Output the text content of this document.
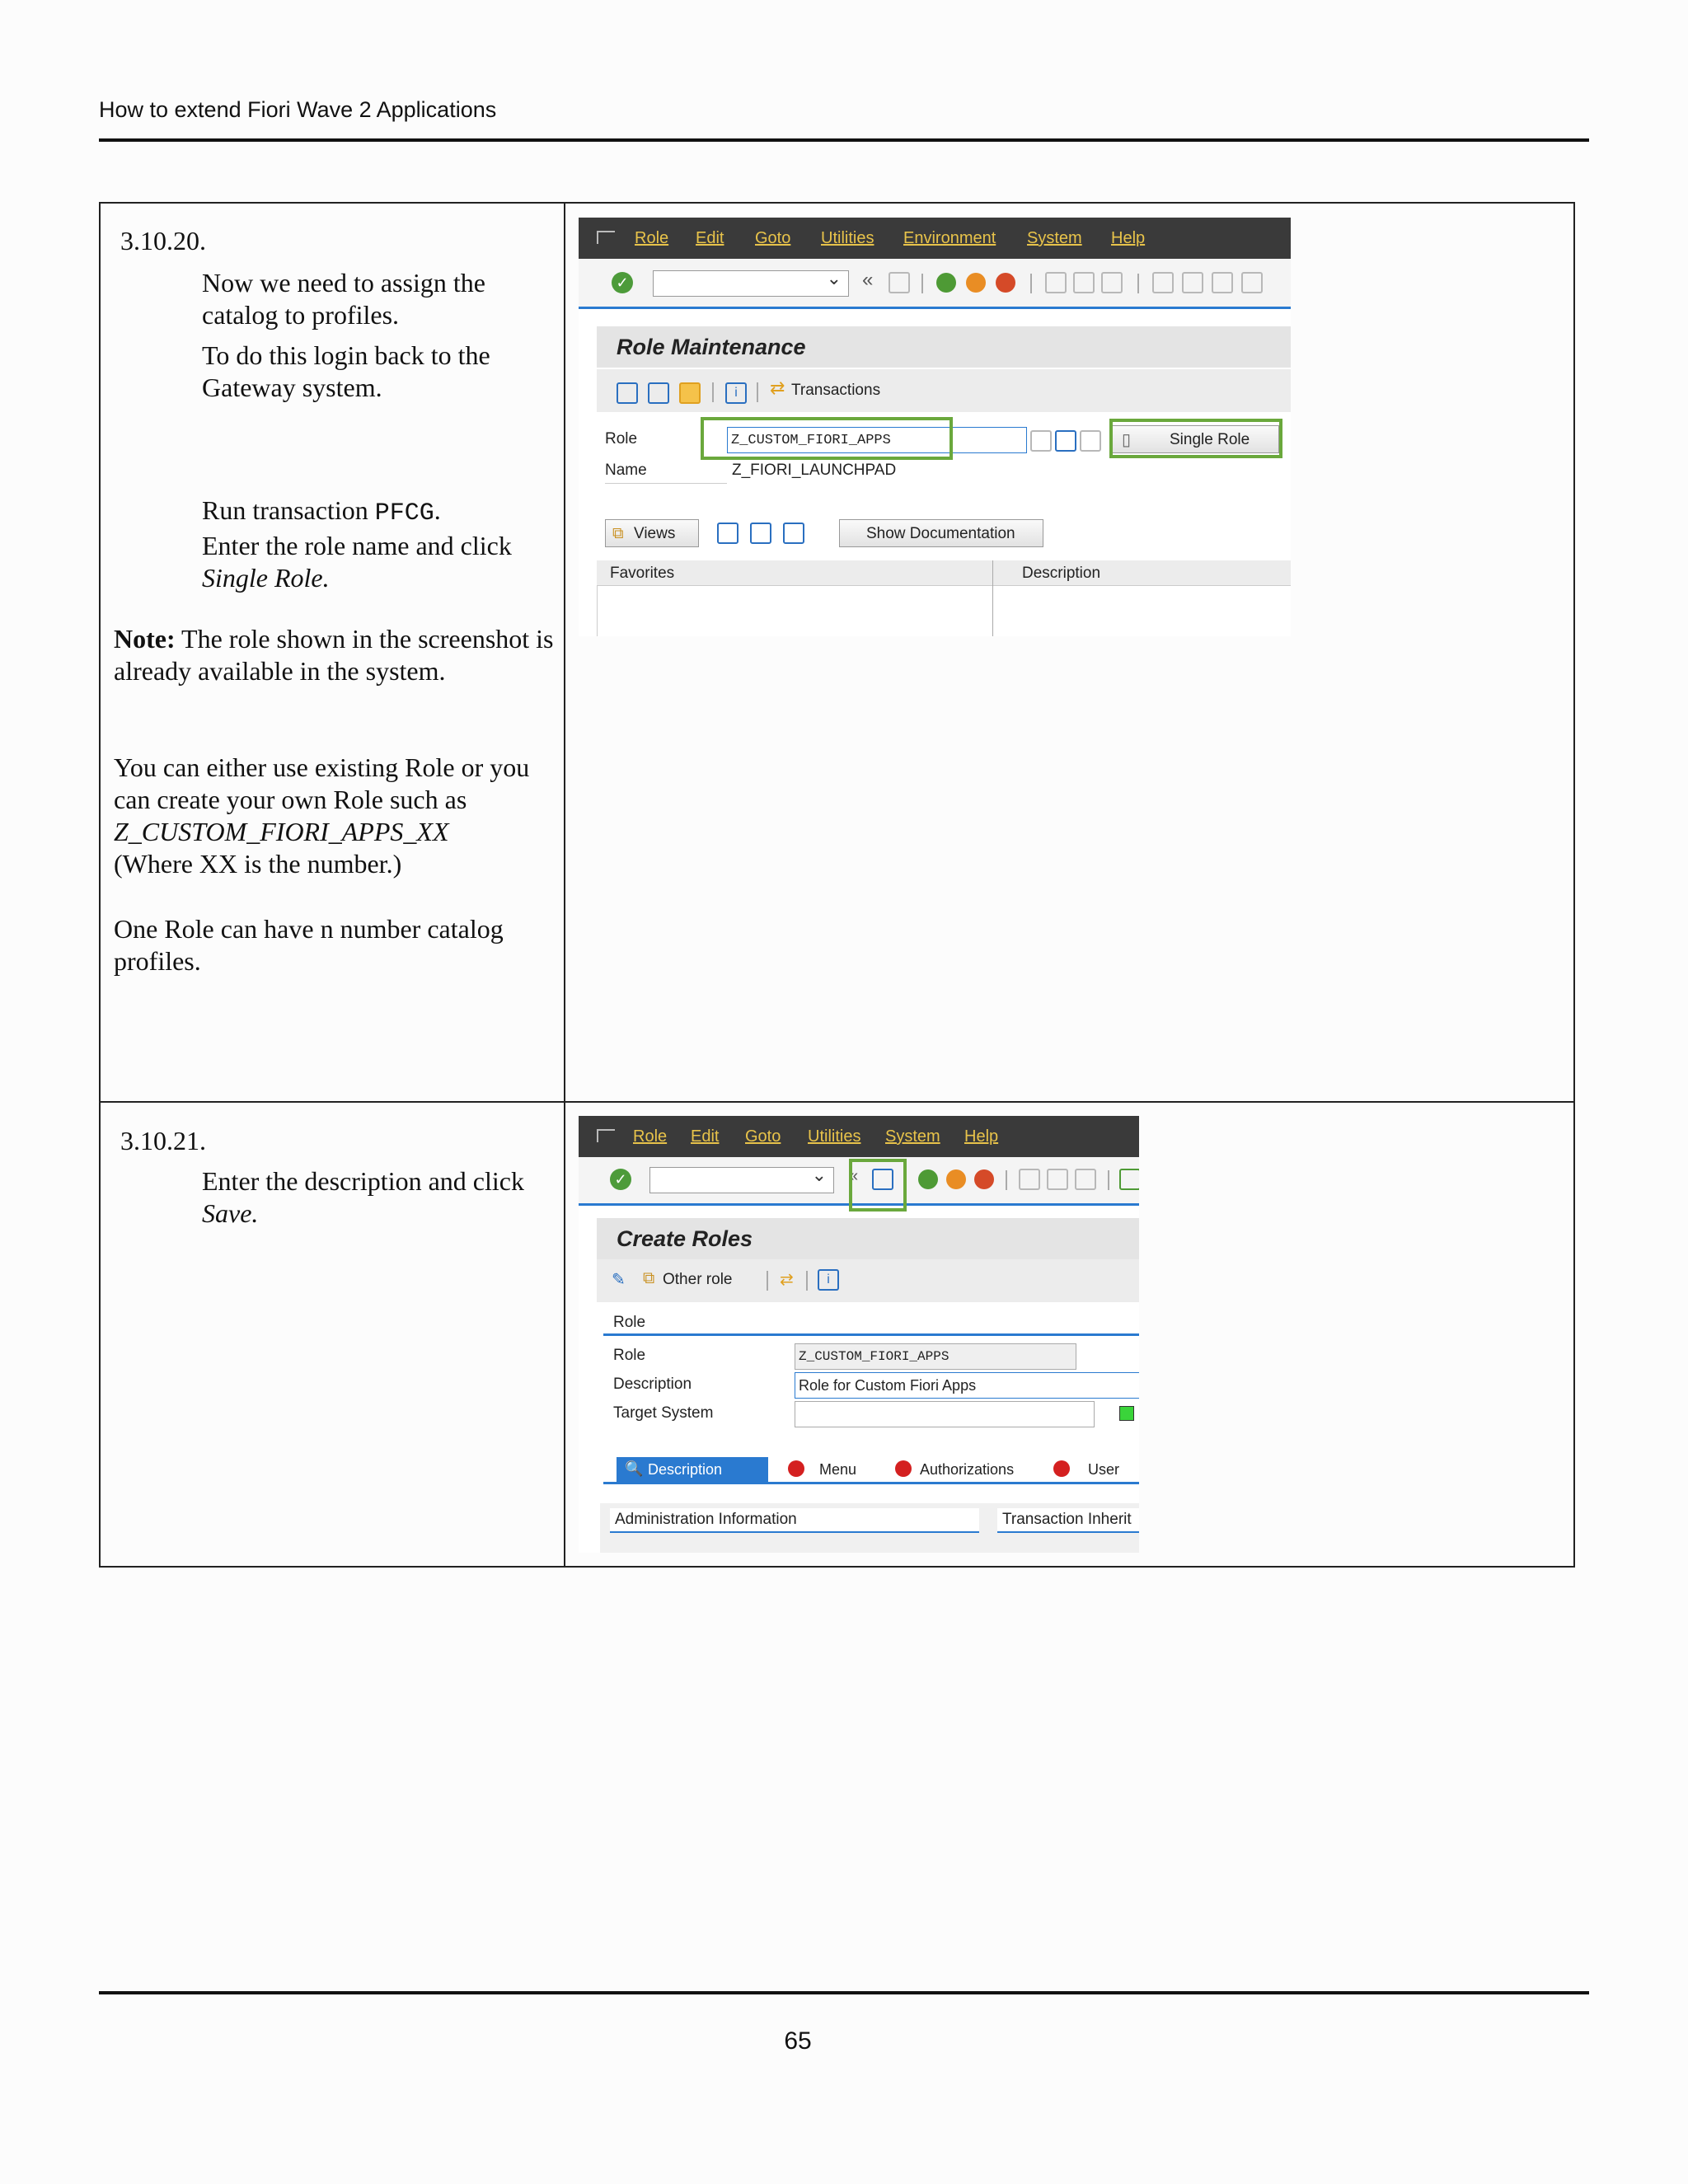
How to extend Fiori Wave 2 Applications
3.10.20.
Now we need to assign the catalog to profiles.
To do this login back to the Gateway system.
Run transaction PFCG.
Enter the role name and click
Single Role.
Note: The role shown in the screenshot is already available in the system.
You can either use existing Role or you can create your own Role such as Z_CUSTOM_FIORI_APPS_XX
(Where XX is the number.)
One Role can have n number catalog profiles.
3.10.21.
Enter the description and click Save.
Role Edit Goto Utilities Environment System Help
✓ ⌄	«
Role Maintenance
i	⇄ Transactions
Role	Z_CUSTOM_FIORI_APPS	▯ Single Role
Name	Z_FIORI_LAUNCHPAD
⧉ Views	Show Documentation
Favorites	Description
Role Edit Goto Utilities System Help
✓ ⌄	«
Create Roles
✎ ⧉ Other role	⇄	i
Role
Role	Z_CUSTOM_FIORI_APPS
Description	Role for Custom Fiori Apps
Target System
🔍 Description	Menu	Authorizations	User
Administration Information	Transaction Inherit
65
